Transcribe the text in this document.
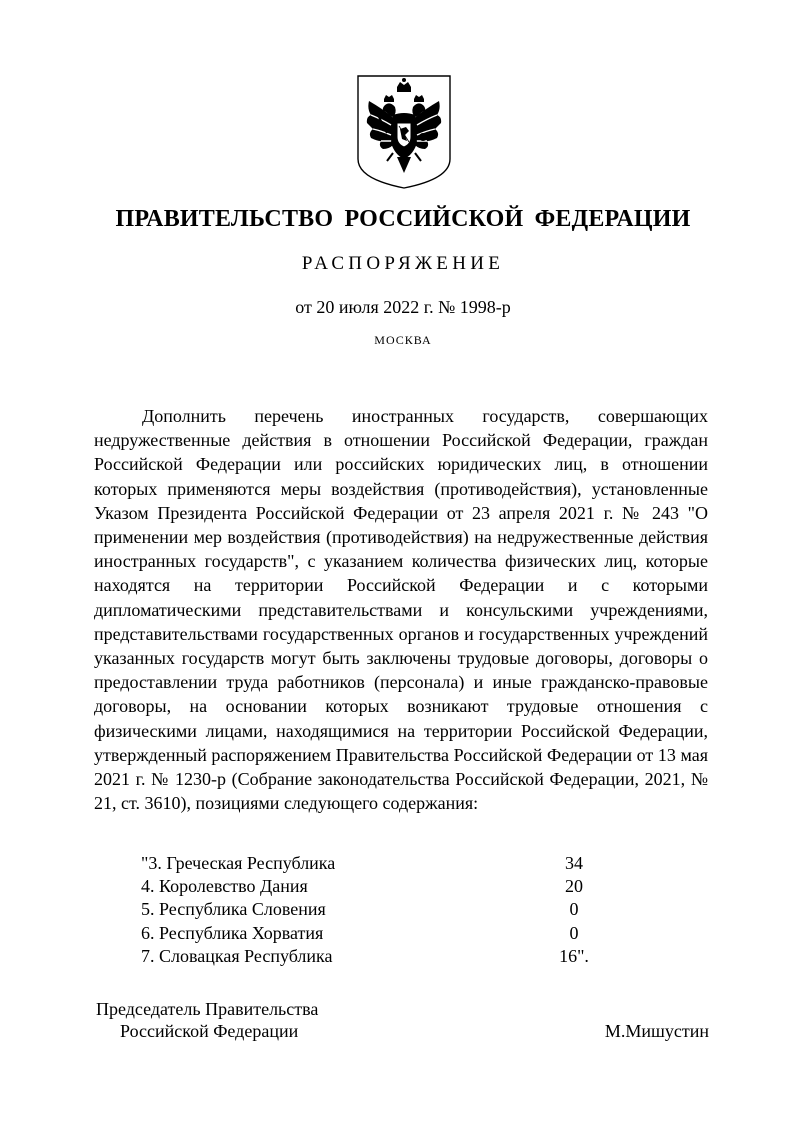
ПРАВИТЕЛЬСТВО РОССИЙСКОЙ ФЕДЕРАЦИИ
РАСПОРЯЖЕНИЕ
от 20 июля 2022 г. № 1998-р
МОСКВА

Дополнить перечень иностранных государств, совершающих недружественные действия в отношении Российской Федерации, граждан Российской Федерации или российских юридических лиц, в отношении которых применяются меры воздействия (противодействия), установленные Указом Президента Российской Федерации от 23 апреля 2021 г. № 243 "О применении мер воздействия (противодействия) на недружественные действия иностранных государств", с указанием количества физических лиц, которые находятся на территории Российской Федерации и с которыми дипломатическими представительствами и консульскими учреждениями, представительствами государственных органов и государственных учреждений указанных государств могут быть заключены трудовые договоры, договоры о предоставлении труда работников (персонала) и иные гражданско-правовые договоры, на основании которых возникают трудовые отношения с физическими лицами, находящимися на территории Российской Федерации, утвержденный распоряжением Правительства Российской Федерации от 13 мая 2021 г. № 1230-р (Собрание законодательства Российской Федерации, 2021, № 21, ст. 3610), позициями следующего содержания:

"3. Греческая Республика	34
4. Королевство Дания	20
5. Республика Словения	0
6. Республика Хорватия	0
7. Словацкая Республика	16".
Председатель Правительства
Российской Федерации	М.Мишустин
